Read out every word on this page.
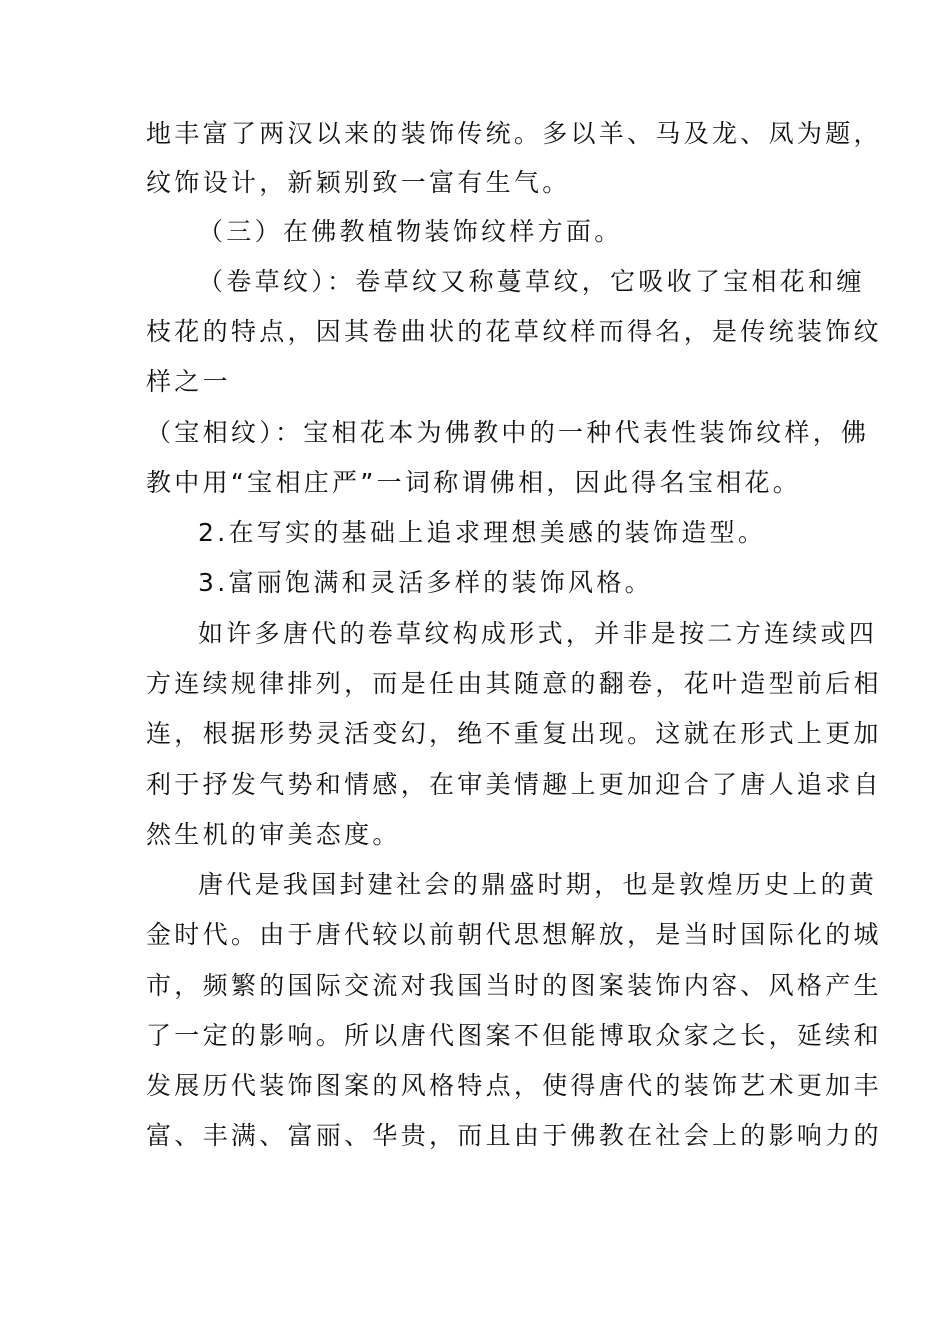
地丰富了两汉以来的装饰传统。多以羊、马及龙、凤为题，
纹饰设计，新颖别致一富有生气。
（三）在佛教植物装饰纹样方面。
（卷草纹）：卷草纹又称蔓草纹，它吸收了宝相花和缠
枝花的特点，因其卷曲状的花草纹样而得名，是传统装饰纹
样之一
（宝相纹）：宝相花本为佛教中的一种代表性装饰纹样，佛
教中用“宝相庄严”一词称谓佛相，因此得名宝相花。
2.在写实的基础上追求理想美感的装饰造型。
3.富丽饱满和灵活多样的装饰风格。
如许多唐代的卷草纹构成形式，并非是按二方连续或四
方连续规律排列，而是任由其随意的翻卷，花叶造型前后相
连，根据形势灵活变幻，绝不重复出现。这就在形式上更加
利于抒发气势和情感，在审美情趣上更加迎合了唐人追求自
然生机的审美态度。
唐代是我国封建社会的鼎盛时期，也是敦煌历史上的黄
金时代。由于唐代较以前朝代思想解放，是当时国际化的城
市，频繁的国际交流对我国当时的图案装饰内容、风格产生
了一定的影响。所以唐代图案不但能博取众家之长，延续和
发展历代装饰图案的风格特点，使得唐代的装饰艺术更加丰
富、丰满、富丽、华贵，而且由于佛教在社会上的影响力的
